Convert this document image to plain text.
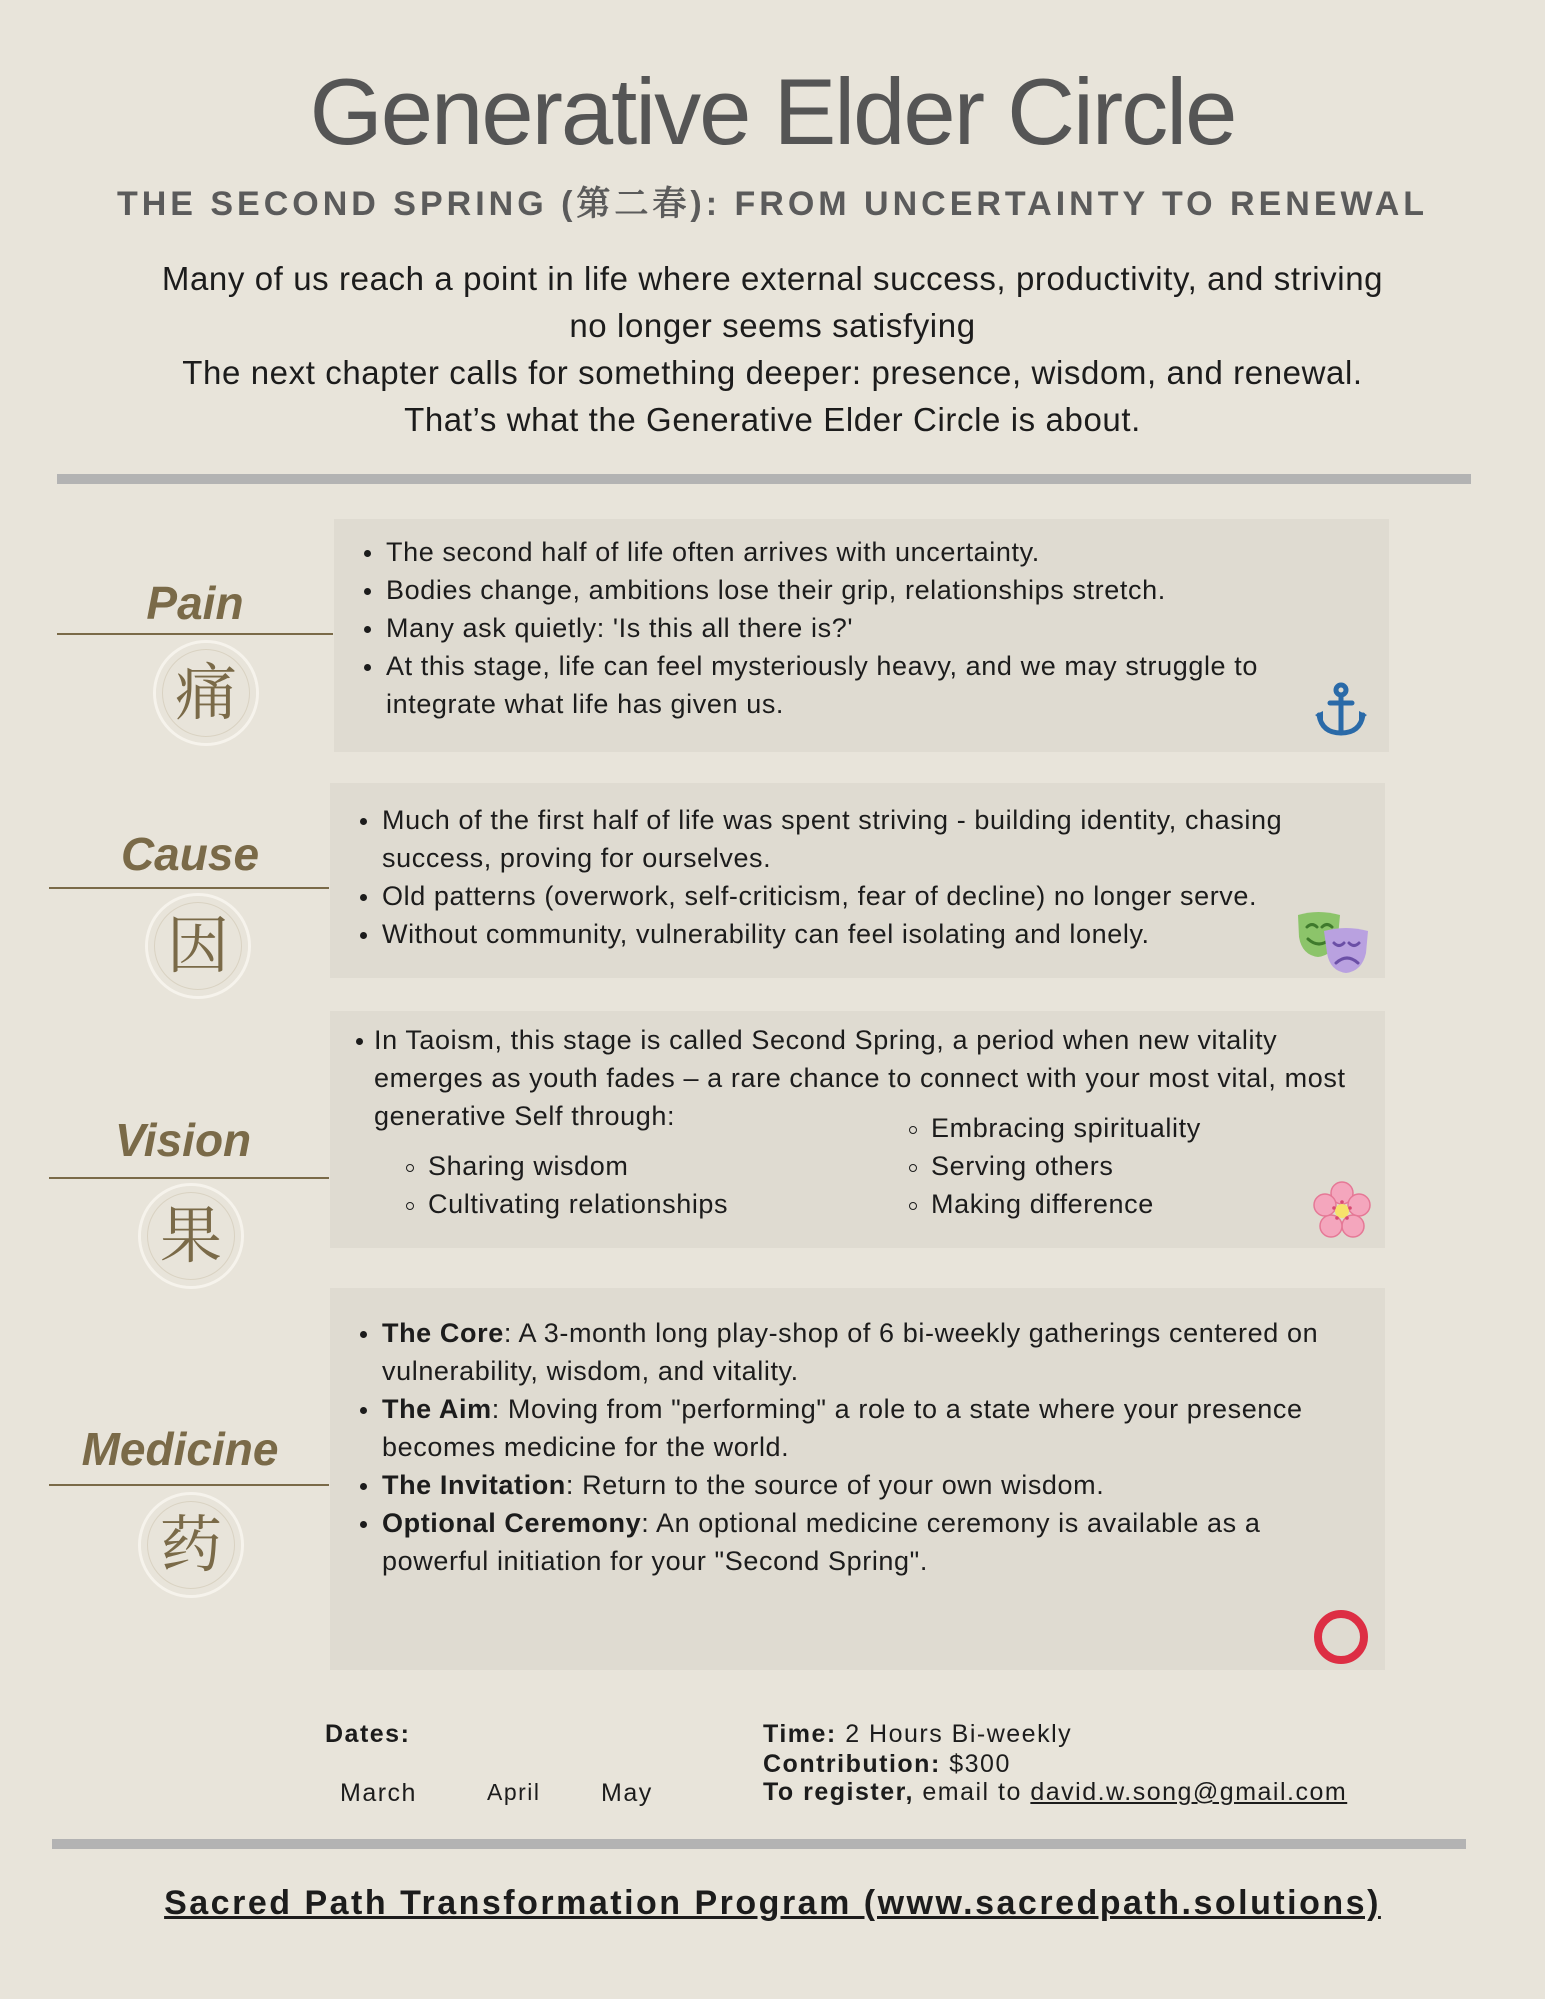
Generative Elder Circle
THE SECOND SPRING (第二春): FROM UNCERTAINTY TO RENEWAL
Many of us reach a point in life where external success, productivity, and striving
no longer seems satisfying
The next chapter calls for something deeper: presence, wisdom, and renewal.
That’s what the Generative Elder Circle is about.
Pain
痛
The second half of life often arrives with uncertainty.
Bodies change, ambitions lose their grip, relationships stretch.
Many ask quietly: 'Is this all there is?'
At this stage, life can feel mysteriously heavy, and we may struggle to integrate what life has given us.
Cause
因
Much of the first half of life was spent striving - building identity, chasing success, proving for ourselves.
Old patterns (overwork, self-criticism, fear of decline) no longer serve.
Without community, vulnerability can feel isolating and lonely.
Vision
果
In Taoism, this stage is called Second Spring, a period when new vitality emerges as youth fades – a rare chance to connect with your most vital, most generative Self through:
Sharing wisdom
Cultivating relationships
Embracing spirituality
Serving others
Making difference
Medicine
药
The Core: A 3-month long play-shop of 6 bi-weekly gatherings centered on vulnerability, wisdom, and vitality.
The Aim: Moving from "performing" a role to a state where your presence becomes medicine for the world.
The Invitation: Return to the source of your own wisdom.
Optional Ceremony: An optional medicine ceremony is available as a powerful initiation for your "Second Spring".
Dates:
March	April May
Time: 2 Hours Bi-weekly
Contribution: $300
To register, email to david.w.song@gmail.com
Sacred Path Transformation Program (www.sacredpath.solutions)
